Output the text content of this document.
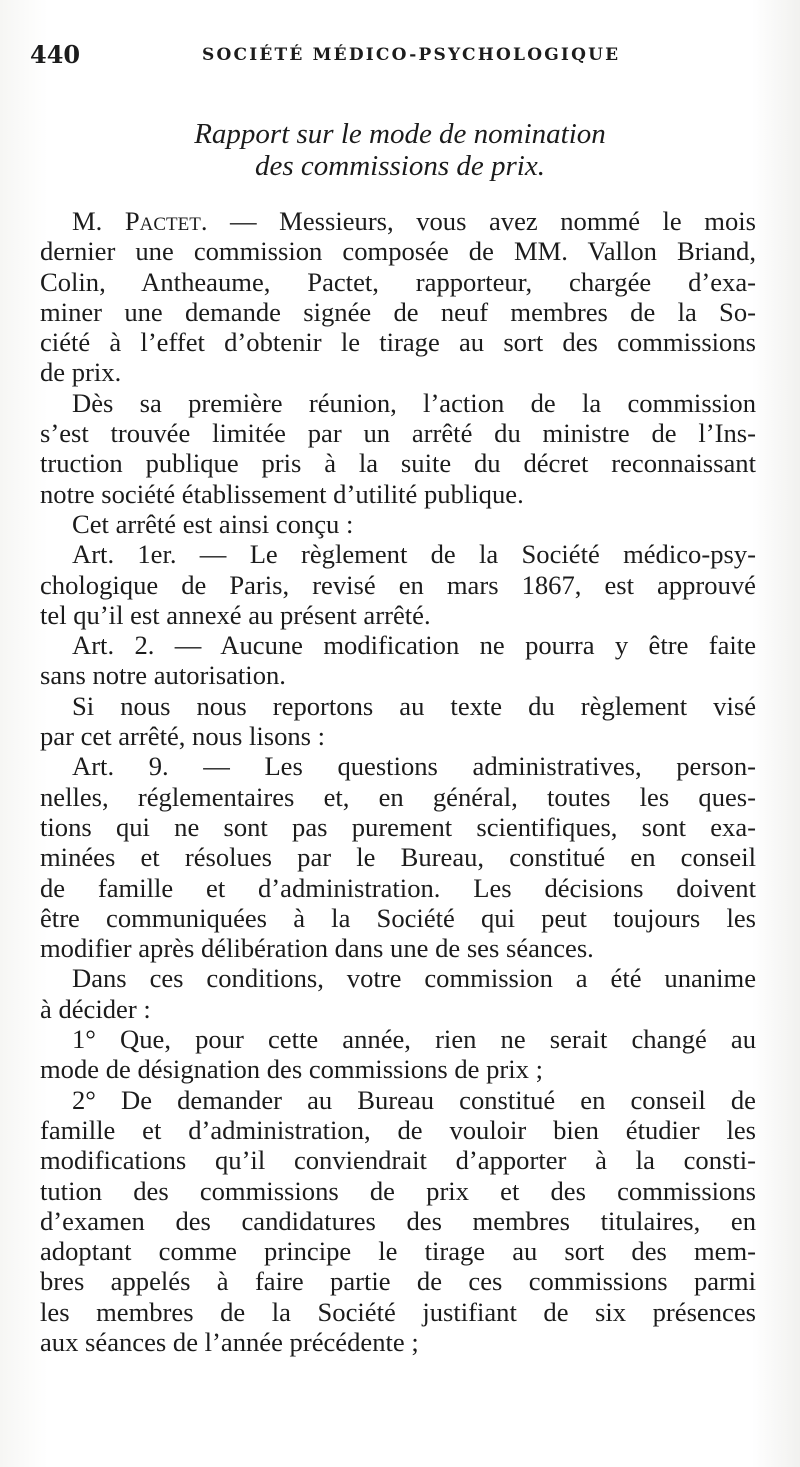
440	SOCIÉTÉ MÉDICO-PSYCHOLOGIQUE
Rapport sur le mode de nomination
des commissions de prix.
M. Pactet. — Messieurs, vous avez nommé le mois
dernier une commission composée de MM. Vallon Briand,
Colin, Antheaume, Pactet, rapporteur, chargée d’exa-
miner une demande signée de neuf membres de la So-
ciété à l’effet d’obtenir le tirage au sort des commissions
de prix.
Dès sa première réunion, l’action de la commission
s’est trouvée limitée par un arrêté du ministre de l’Ins-
truction publique pris à la suite du décret reconnaissant
notre société établissement d’utilité publique.
Cet arrêté est ainsi conçu :
Art. 1er. — Le règlement de la Société médico-psy-
chologique de Paris, revisé en mars 1867, est approuvé
tel qu’il est annexé au présent arrêté.
Art. 2. — Aucune modification ne pourra y être faite
sans notre autorisation.
Si nous nous reportons au texte du règlement visé
par cet arrêté, nous lisons :
Art. 9. — Les questions administratives, person-
nelles, réglementaires et, en général, toutes les ques-
tions qui ne sont pas purement scientifiques, sont exa-
minées et résolues par le Bureau, constitué en conseil
de famille et d’administration. Les décisions doivent
être communiquées à la Société qui peut toujours les
modifier après délibération dans une de ses séances.
Dans ces conditions, votre commission a été unanime
à décider :
1° Que, pour cette année, rien ne serait changé au
mode de désignation des commissions de prix ;
2° De demander au Bureau constitué en conseil de
famille et d’administration, de vouloir bien étudier les
modifications qu’il conviendrait d’apporter à la consti-
tution des commissions de prix et des commissions
d’examen des candidatures des membres titulaires, en
adoptant comme principe le tirage au sort des mem-
bres appelés à faire partie de ces commissions parmi
les membres de la Société justifiant de six présences
aux séances de l’année précédente ;
